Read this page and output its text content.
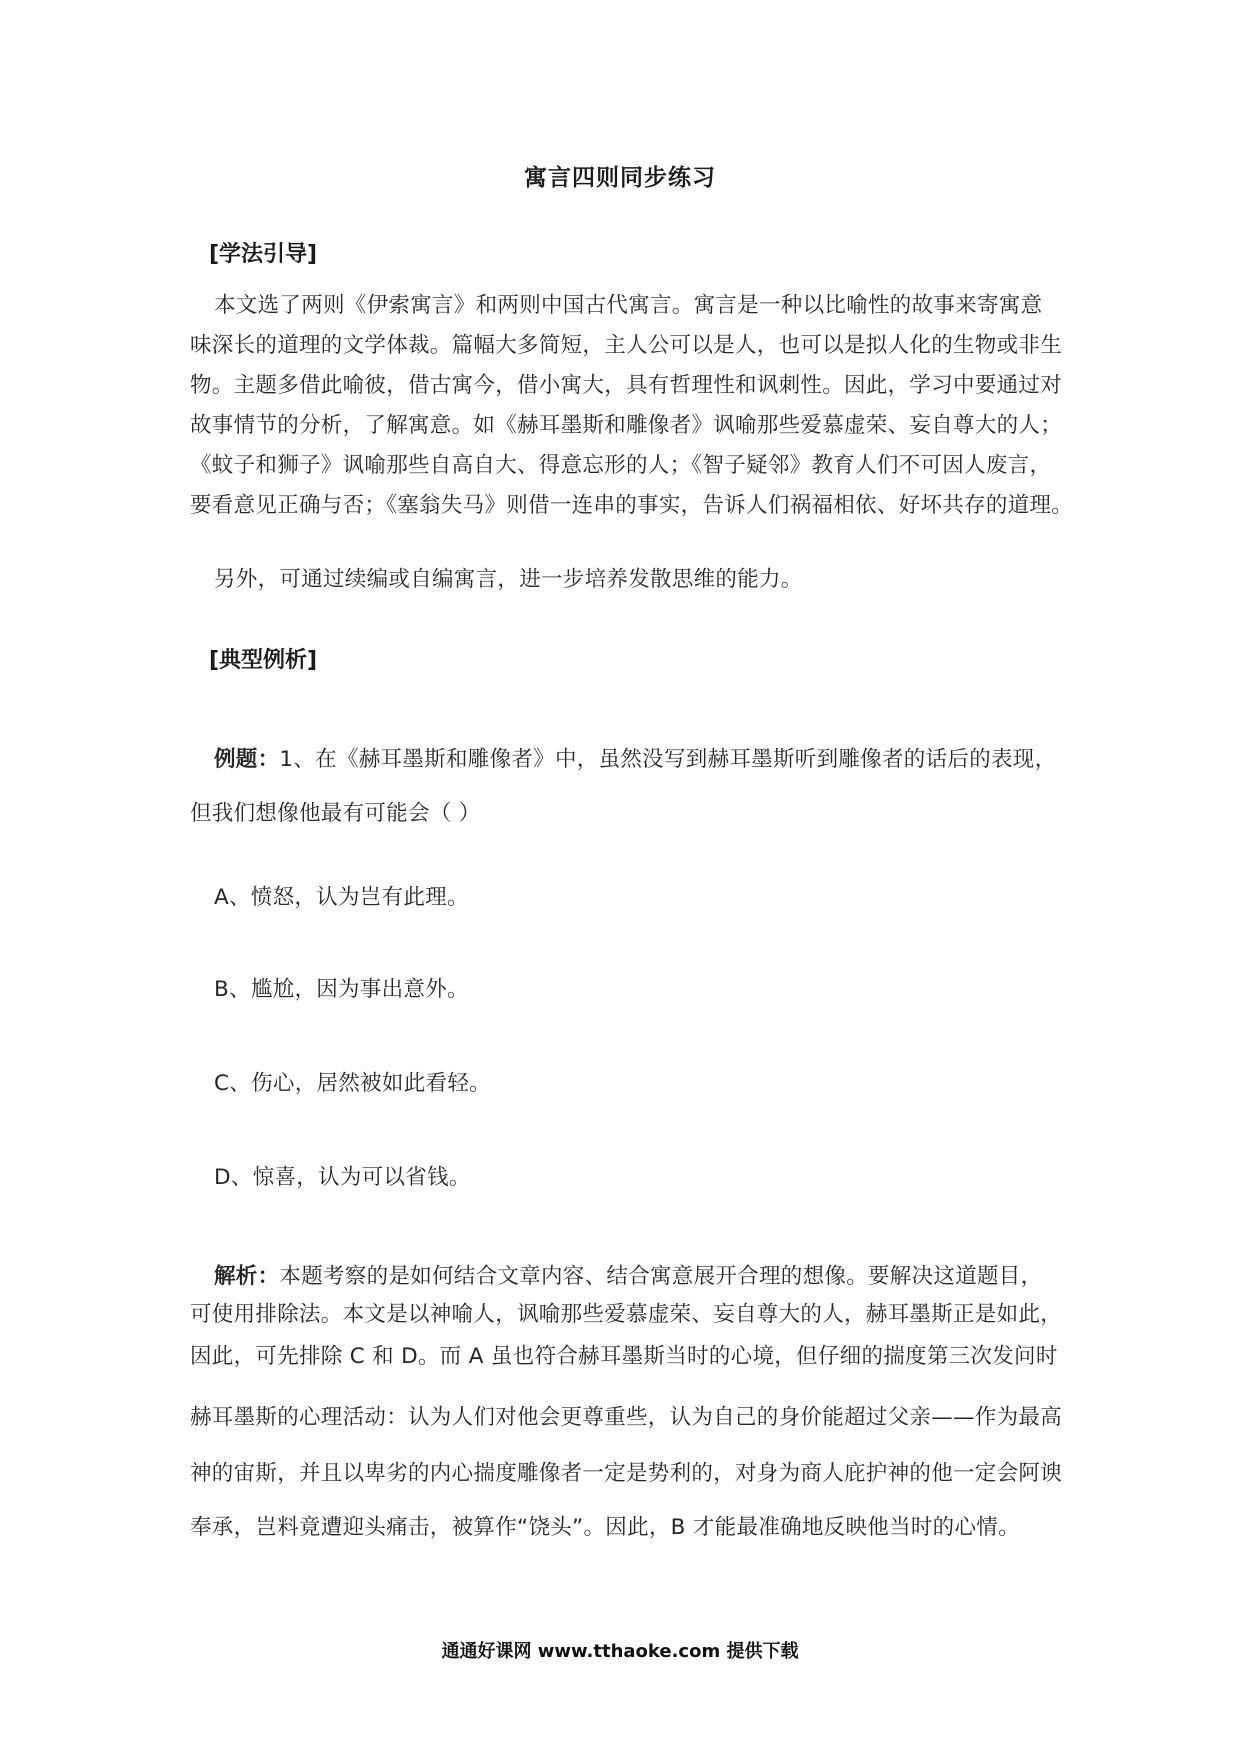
寓言四则同步练习
[学法引导]
本文选了两则《伊索寓言》和两则中国古代寓言。寓言是一种以比喻性的故事来寄寓意
味深长的道理的文学体裁。篇幅大多简短，主人公可以是人，也可以是拟人化的生物或非生
物。主题多借此喻彼，借古寓今，借小寓大，具有哲理性和讽刺性。因此，学习中要通过对
故事情节的分析，了解寓意。如《赫耳墨斯和雕像者》讽喻那些爱慕虚荣、妄自尊大的人；
《蚊子和狮子》讽喻那些自高自大、得意忘形的人；《智子疑邻》教育人们不可因人废言，
要看意见正确与否；《塞翁失马》则借一连串的事实，告诉人们祸福相依、好坏共存的道理。
另外，可通过续编或自编寓言，进一步培养发散思维的能力。
[典型例析]
例题：1、在《赫耳墨斯和雕像者》中，虽然没写到赫耳墨斯听到雕像者的话后的表现，
但我们想像他最有可能会（ ）
A、愤怒，认为岂有此理。
B、尴尬，因为事出意外。
C、伤心，居然被如此看轻。
D、惊喜，认为可以省钱。
解析：本题考察的是如何结合文章内容、结合寓意展开合理的想像。要解决这道题目，
可使用排除法。本文是以神喻人，讽喻那些爱慕虚荣、妄自尊大的人，赫耳墨斯正是如此，
因此，可先排除 C 和 D。而 A 虽也符合赫耳墨斯当时的心境，但仔细的揣度第三次发问时
赫耳墨斯的心理活动：认为人们对他会更尊重些，认为自己的身价能超过父亲——作为最高
神的宙斯，并且以卑劣的内心揣度雕像者一定是势利的，对身为商人庇护神的他一定会阿谀
奉承，岂料竟遭迎头痛击，被算作“饶头”。因此，B 才能最准确地反映他当时的心情。
通通好课网 www.tthaoke.com 提供下载
